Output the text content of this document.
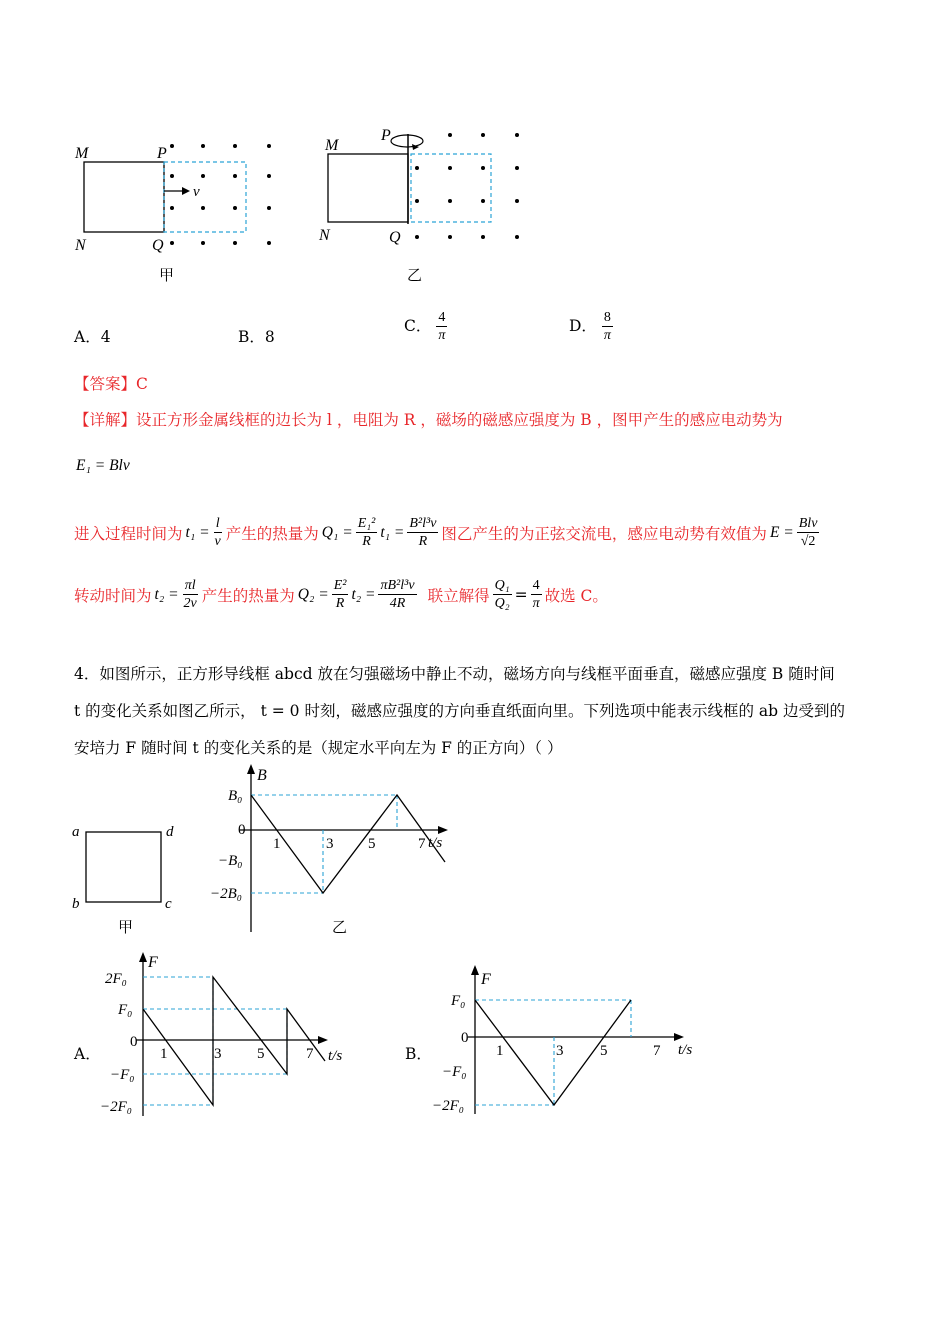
M	P
N	Q
v
甲
M
P
N	Q
乙
A．4	B．8
C． $\frac{4}{\pi}$	D． $\frac{8}{\pi}$
【答案】C
【详解】设正方形金属线框的边长为 l ，电阻为 R ，磁场的磁感应强度为 B ，图甲产生的感应电动势为
E₁ = Blv
进入过程时间为 $t_1 = \frac{l}{v}$ 产生的热量为 $Q_1 = \frac{\text{E₁²}}{R} t_1 = \frac{\text{B²l³v}}{R}$ 图乙产生的为正弦交流电，感应电动势有效值为 $E = \frac{\text{Blv}}{√2}$
转动时间为 $t_2 = \frac{\pi l}{2v}$ 产生的热量为 $Q_2 = \frac{\text{E²}}{R} t_2 = \frac{\text{πB²l³v}}{4R}$ 联立解得 $\frac{\text{Q₁}}{\text{Q₂}} = \frac{4}{\pi}$ 故选 C。
4．如图所示，正方形导线框 abcd 放在匀强磁场中静止不动，磁场方向与线框平面垂直，磁感应强度 B 随时间
t 的变化关系如图乙所示， t = 0 时刻，磁感应强度的方向垂直纸面向里。下列选项中能表示线框的 ab 边受到的
安培力 F 随时间 t 的变化关系的是（规定水平向左为 F 的正方向）（ ）
a	d
b	c
甲
B
t/s
0
B₀
−B₀
−2B₀
1	3 5	7
乙
A．
F
t/s
0
2F₀
F₀
−F₀
−2F₀
1	3 5	7	B．
F
t/s
0
F₀
−F₀
−2F₀
1	3 5	7
